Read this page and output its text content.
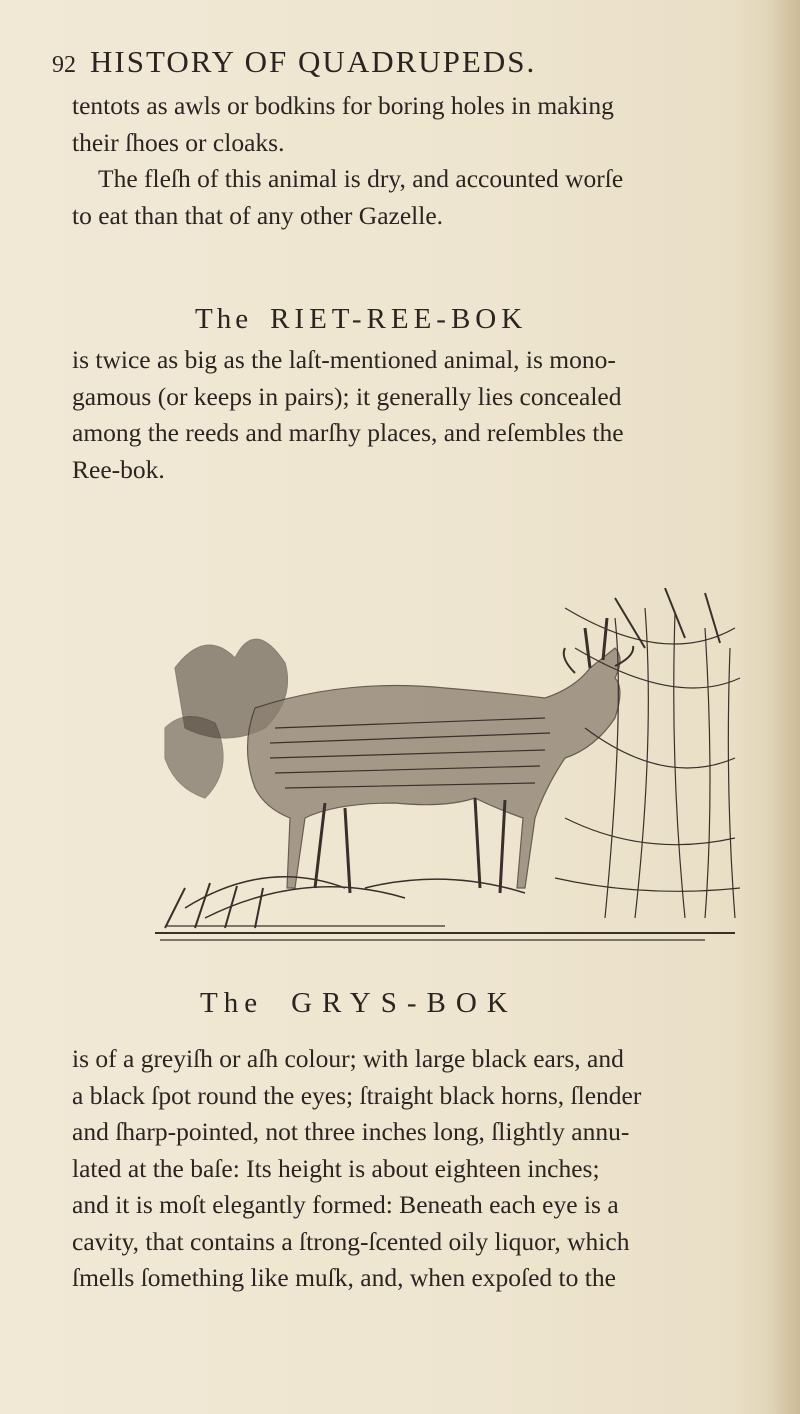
92 HISTORY OF QUADRUPEDS.

tentots as awls or bodkins for boring holes in making
their ſhoes or cloaks.

The fleſh of this animal is dry, and accounted worſe
to eat than that of any other Gazelle.

The RIET-REE-BOK

is twice as big as the laſt-mentioned animal, is mono-
gamous (or keeps in pairs); it generally lies concealed
among the reeds and marſhy places, and reſembles the
Ree-bok.

The GRYS-BOK

is of a greyiſh or aſh colour; with large black ears, and
a black ſpot round the eyes; ſtraight black horns, ſlender
and ſharp-pointed, not three inches long, ſlightly annu-
lated at the baſe: Its height is about eighteen inches;
and it is moſt elegantly formed: Beneath each eye is a
cavity, that contains a ſtrong-ſcented oily liquor, which
ſmells ſomething like muſk, and, when expoſed to the
